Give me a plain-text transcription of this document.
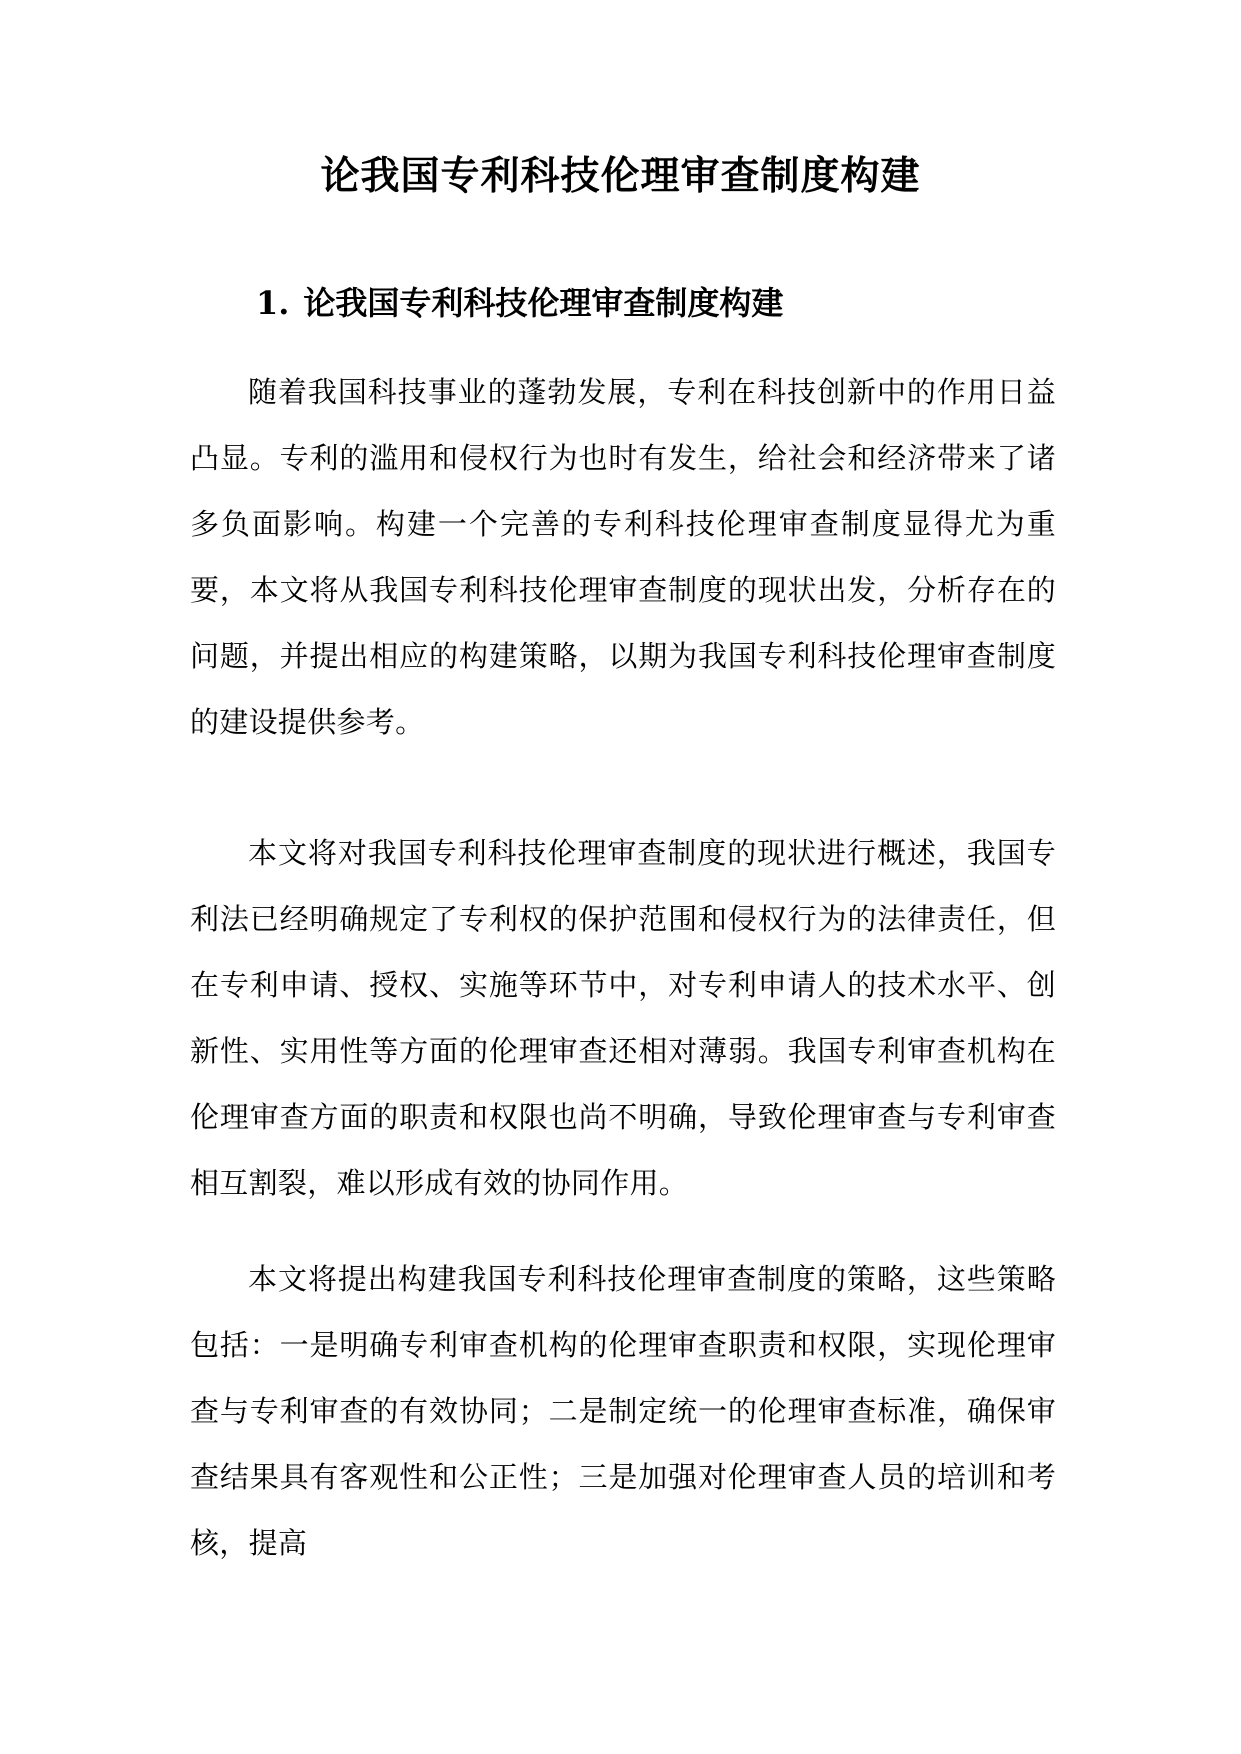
论我国专利科技伦理审查制度构建
1. 论我国专利科技伦理审查制度构建

随着我国科技事业的蓬勃发展，专利在科技创新中的作用日益凸显。专利的滥用和侵权行为也时有发生，给社会和经济带来了诸多负面影响。构建一个完善的专利科技伦理审查制度显得尤为重要，本文将从我国专利科技伦理审查制度的现状出发，分析存在的问题，并提出相应的构建策略，以期为我国专利科技伦理审查制度的建设提供参考。

本文将对我国专利科技伦理审查制度的现状进行概述，我国专利法已经明确规定了专利权的保护范围和侵权行为的法律责任，但在专利申请、授权、实施等环节中，对专利申请人的技术水平、创新性、实用性等方面的伦理审查还相对薄弱。我国专利审查机构在伦理审查方面的职责和权限也尚不明确，导致伦理审查与专利审查相互割裂，难以形成有效的协同作用。

本文将提出构建我国专利科技伦理审查制度的策略，这些策略包括：一是明确专利审查机构的伦理审查职责和权限，实现伦理审查与专利审查的有效协同；二是制定统一的伦理审查标准，确保审查结果具有客观性和公正性；三是加强对伦理审查人员的培训和考核，提高
